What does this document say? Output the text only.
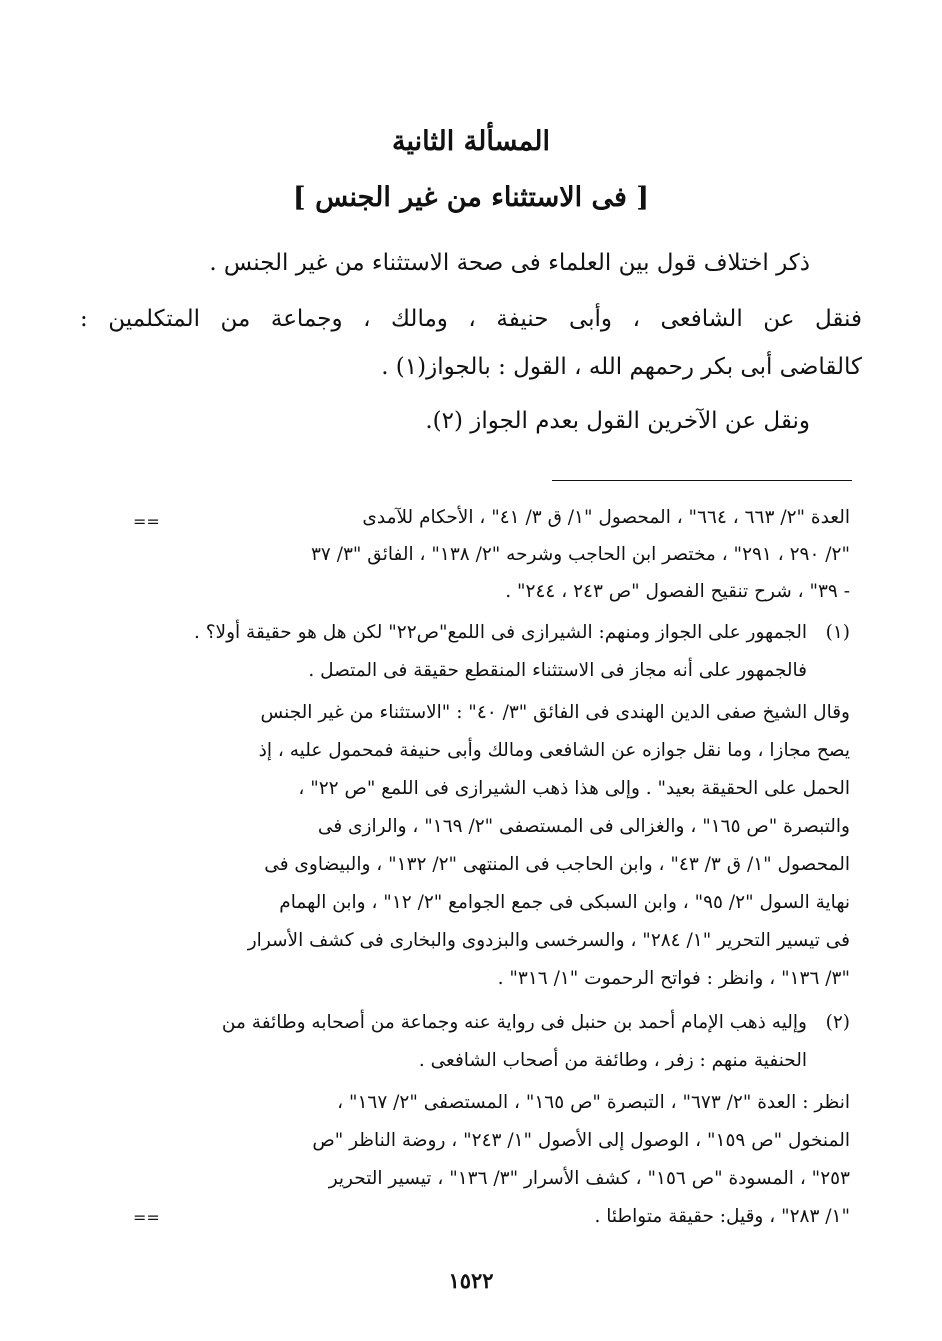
المسألة الثانية
[ فى الاستثناء من غير الجنس ]
ذكر اختلاف قول بين العلماء فى صحة الاستثناء من غير الجنس .
فنقل عن الشافعى ، وأبى حنيفة ، ومالك ، وجماعة من المتكلمين :
كالقاضى أبى بكر رحمهم الله ، القول : بالجواز(١) .
ونقل عن الآخرين القول بعدم الجواز (٢).
==	العدة "٢/ ٦٦٣ ، ٦٦٤" ، المحصول "١/ ق ٣/ ٤١" ، الأحكام للآمدى
"٢/ ٢٩٠ ، ٢٩١" ، مختصر ابن الحاجب وشرحه "٢/ ١٣٨" ، الفائق "٣/ ٣٧
- ٣٩" ، شرح تنقيح الفصول "ص ٢٤٣ ، ٢٤٤" .
(١)
الجمهور على الجواز ومنهم: الشيرازى فى اللمع"ص٢٢" لكن هل هو حقيقة أولا؟ .
فالجمهور على أنه مجاز فى الاستثناء المنقطع حقيقة فى المتصل .
وقال الشيخ صفى الدين الهندى فى الفائق "٣/ ٤٠" : "الاستثناء من غير الجنس
يصح مجازا ، وما نقل جوازه عن الشافعى ومالك وأبى حنيفة فمحمول عليه ، إذ
الحمل على الحقيقة بعيد" . وإلى هذا ذهب الشيرازى فى اللمع "ص ٢٢" ،
والتبصرة "ص ١٦٥" ، والغزالى فى المستصفى "٢/ ١٦٩" ، والرازى فى
المحصول "١/ ق ٣/ ٤٣" ، وابن الحاجب فى المنتهى "٢/ ١٣٢" ، والبيضاوى فى
نهاية السول "٢/ ٩٥" ، وابن السبكى فى جمع الجوامع "٢/ ١٢" ، وابن الهمام
فى تيسير التحرير "١/ ٢٨٤" ، والسرخسى والبزدوى والبخارى فى كشف الأسرار
"٣/ ١٣٦" ، وانظر : فواتح الرحموت "١/ ٣١٦" .
(٢)
وإليه ذهب الإمام أحمد بن حنبل فى رواية عنه وجماعة من أصحابه وطائفة من
الحنفية منهم : زفر ، وطائفة من أصحاب الشافعى .
انظر : العدة "٢/ ٦٧٣" ، التبصرة "ص ١٦٥" ، المستصفى "٢/ ١٦٧" ،
المنخول "ص ١٥٩" ، الوصول إلى الأصول "١/ ٢٤٣" ، روضة الناظر "ص
٢٥٣" ، المسودة "ص ١٥٦" ، كشف الأسرار "٣/ ١٣٦" ، تيسير التحرير
"١/ ٢٨٣" ، وقيل: حقيقة متواطئا .
==
١٥٢٢
